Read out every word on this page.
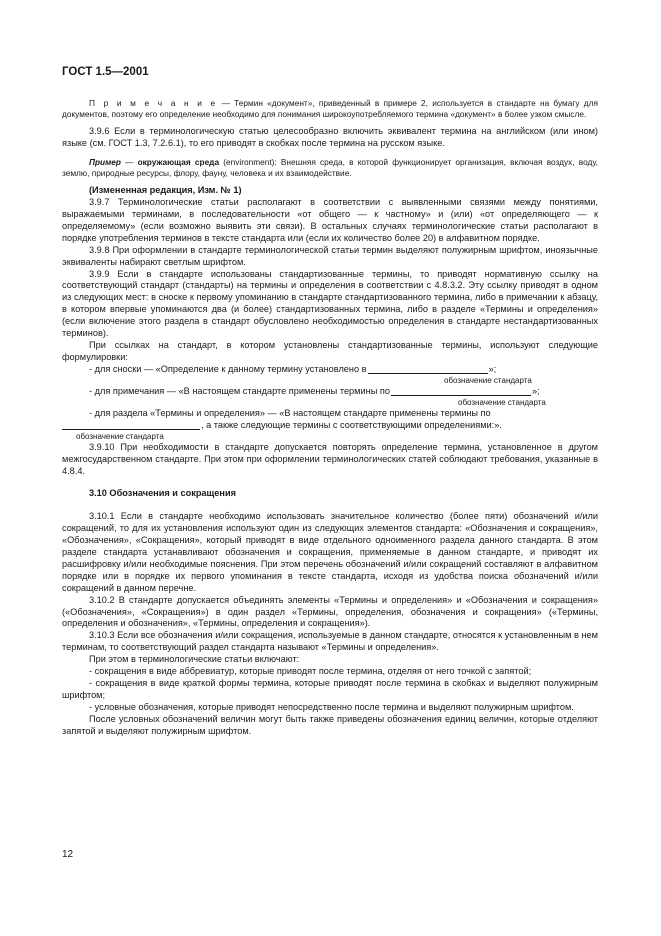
ГОСТ 1.5—2001

П р и м е ч а н и е — Термин «документ», приведенный в примере 2, используется в стандарте на бумагу для документов, поэтому его определение необходимо для понимания широкоупотребляемого термина «документ» в более узком смысле.

3.9.6 Если в терминологическую статью целесообразно включить эквивалент термина на английском (или ином) языке (см. ГОСТ 1.3, 7.2.6.1), то его приводят в скобках после термина на русском языке.

Пример — окружающая среда (environment): Внешняя среда, в которой функционирует организация, включая воздух, воду, землю, природные ресурсы, флору, фауну, человека и их взаимодействие.

(Измененная редакция, Изм. № 1)

3.9.7 Терминологические статьи располагают в соответствии с выявленными связями между понятиями, выражаемыми терминами, в последовательности «от общего — к частному» и (или) «от определяющего — к определяемому» (если возможно выявить эти связи). В остальных случаях терминологические статьи располагают в порядке употребления терминов в тексте стандарта или (если их количество более 20) в алфавитном порядке.

3.9.8 При оформлении в стандарте терминологической статьи термин выделяют полужирным шрифтом, иноязычные эквиваленты набирают светлым шрифтом.

3.9.9 Если в стандарте использованы стандартизованные термины, то приводят нормативную ссылку на соответствующий стандарт (стандарты) на термины и определения в соответствии с 4.8.3.2. Эту ссылку приводят в одном из следующих мест: в сноске к первому упоминанию в стандарте стандартизованного термина, либо в примечании к абзацу, в котором впервые упоминаются два (и более) стандартизованных термина, либо в разделе «Термины и определения» (если включение этого раздела в стандарт обусловлено необходимостью определения в стандарте нестандартизованных терминов).

При ссылках на стандарт, в котором установлены стандартизованные термины, используют следующие формулировки:

- для сноски — «Определение к данному термину установлено в	»;
обозначение стандарта
- для примечания — «В настоящем стандарте применены термины по	»;
обозначение стандарта

- для раздела «Термины и определения» — «В настоящем стандарте применены термины по

, а также следующие термины с соответствующими определениями:».
обозначение стандарта

3.9.10 При необходимости в стандарте допускается повторять определение термина, установленное в другом межгосударственном стандарте. При этом при оформлении терминологических статей соблюдают требования, указанные в 4.8.4.

3.10 Обозначения и сокращения

3.10.1 Если в стандарте необходимо использовать значительное количество (более пяти) обозначений и/или сокращений, то для их установления используют один из следующих элементов стандарта: «Обозначения и сокращения», «Обозначения», «Сокращения», который приводят в виде отдельного одноименного раздела данного стандарта. В этом разделе стандарта устанавливают обозначения и сокращения, применяемые в данном стандарте, и приводят их расшифровку и/или необходимые пояснения. При этом перечень обозначений и/или сокращений составляют в алфавитном порядке или в порядке их первого упоминания в тексте стандарта, исходя из удобства поиска обозначений и/или сокращений в данном перечне.

3.10.2 В стандарте допускается объединять элементы «Термины и определения» и «Обозначения и сокращения» («Обозначения», «Сокращения») в один раздел «Термины, определения, обозначения и сокращения» («Термины, определения и обозначения», «Термины, определения и сокращения»).

3.10.3 Если все обозначения и/или сокращения, используемые в данном стандарте, относятся к установленным в нем терминам, то соответствующий раздел стандарта называют «Термины и определения».

При этом в терминологические статьи включают:

- сокращения в виде аббревиатур, которые приводят после термина, отделяя от него точкой с запятой;

- сокращения в виде краткой формы термина, которые приводят после термина в скобках и выделяют полужирным шрифтом;

- условные обозначения, которые приводят непосредственно после термина и выделяют полужирным шрифтом.

После условных обозначений величин могут быть также приведены обозначения единиц величин, которые отделяют запятой и выделяют полужирным шрифтом.

12
